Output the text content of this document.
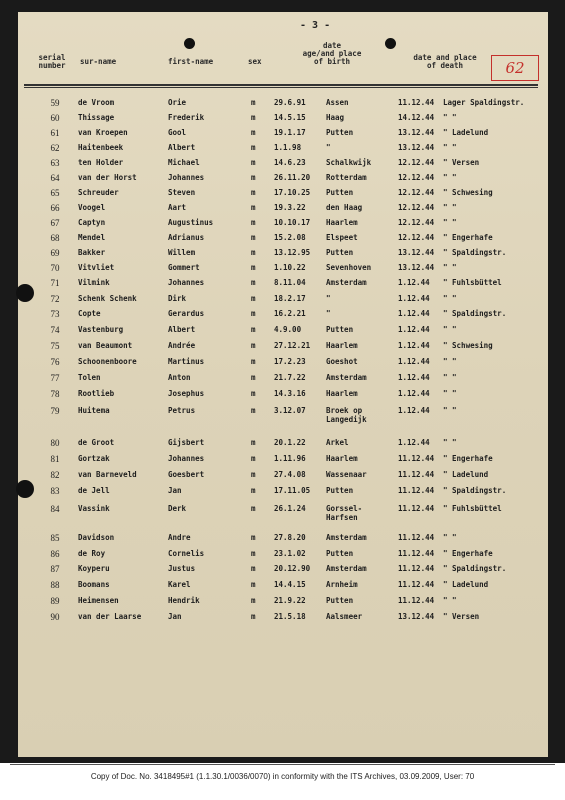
- 3 -
serial
number	sur-name	first-name	sex
date
age/and place
of birth	date and place
of death	62
59	de Vroom	Orie	m 29.6.91	Assen	11.12.44 Lager Spaldingstr.
60	Thissage	Frederik	m 14.5.15	Haag	14.12.44 " "
61	van Kroepen	Gool	m 19.1.17	Putten	13.12.44 " Ladelund
62	Haitenbeek	Albert	m 1.1.98	"	13.12.44 " "
63	ten Holder	Michael	m 14.6.23	Schalkwijk	12.12.44 " Versen
64	van der Horst	Johannes	m 26.11.20 Rotterdam	12.12.44 " "
65	Schreuder	Steven	m 17.10.25 Putten	12.12.44 " Schwesing
66	Voogel	Aart	m 19.3.22	den Haag	12.12.44 " "
67	Captyn	Augustinus	m 10.10.17 Haarlem	12.12.44 " "
68	Mendel	Adrianus	m 15.2.08	Elspeet	12.12.44 " Engerhafe
69	Bakker	Willem	m 13.12.95 Putten	13.12.44 " Spaldingstr.
70	Vitvliet	Gommert	m 1.10.22	Sevenhoven	13.12.44 " "
71	Vilmink	Johannes	m 8.11.04	Amsterdam	1.12.44 " Fuhlsbüttel
72	Schenk Schenk	Dirk	m 18.2.17	"	1.12.44 " "
73	Copte	Gerardus	m 16.2.21	"	1.12.44 " Spaldingstr.
74	Vastenburg	Albert	m 4.9.00	Putten	1.12.44 " "
75	van Beaumont	Andrée	m 27.12.21 Haarlem	1.12.44 " Schwesing
76	Schoonenboore	Martinus	m 17.2.23	Goeshot	1.12.44 " "
77	Tolen	Anton	m 21.7.22	Amsterdam	1.12.44 " "
78	Rootlieb	Josephus	m 14.3.16	Haarlem	1.12.44 " "
79	Huitema	Petrus	m 3.12.07	Broek op
Langedijk
1.12.44 " "
80	de Groot	Gijsbert	m 20.1.22	Arkel	1.12.44 " "
81	Gortzak	Johannes	m 1.11.96	Haarlem	11.12.44 " Engerhafe
82	van Barneveld	Goesbert	m 27.4.08	Wassenaar	11.12.44 " Ladelund
83	de Jell	Jan	m 17.11.05 Putten	11.12.44 " Spaldingstr.
84	Vassink	Derk	m 26.1.24	Gorssel-
Harfsen
11.12.44 " Fuhlsbüttel
85	Davidson	Andre	m 27.8.20	Amsterdam	11.12.44 " "
86	de Roy	Cornelis	m 23.1.02	Putten	11.12.44 " Engerhafe
87	Koyperu	Justus	m 20.12.90 Amsterdam	11.12.44 " Spaldingstr.
88	Boomans	Karel	m 14.4.15	Arnheim	11.12.44 " Ladelund
89	Heimensen	Hendrik	m 21.9.22	Putten	11.12.44 " "
90	van der Laarse	Jan	m 21.5.18	Aalsmeer	13.12.44 " Versen
Copy of Doc. No. 3418495#1 (1.1.30.1/0036/0070) in conformity with the ITS Archives, 03.09.2009, User: 70
